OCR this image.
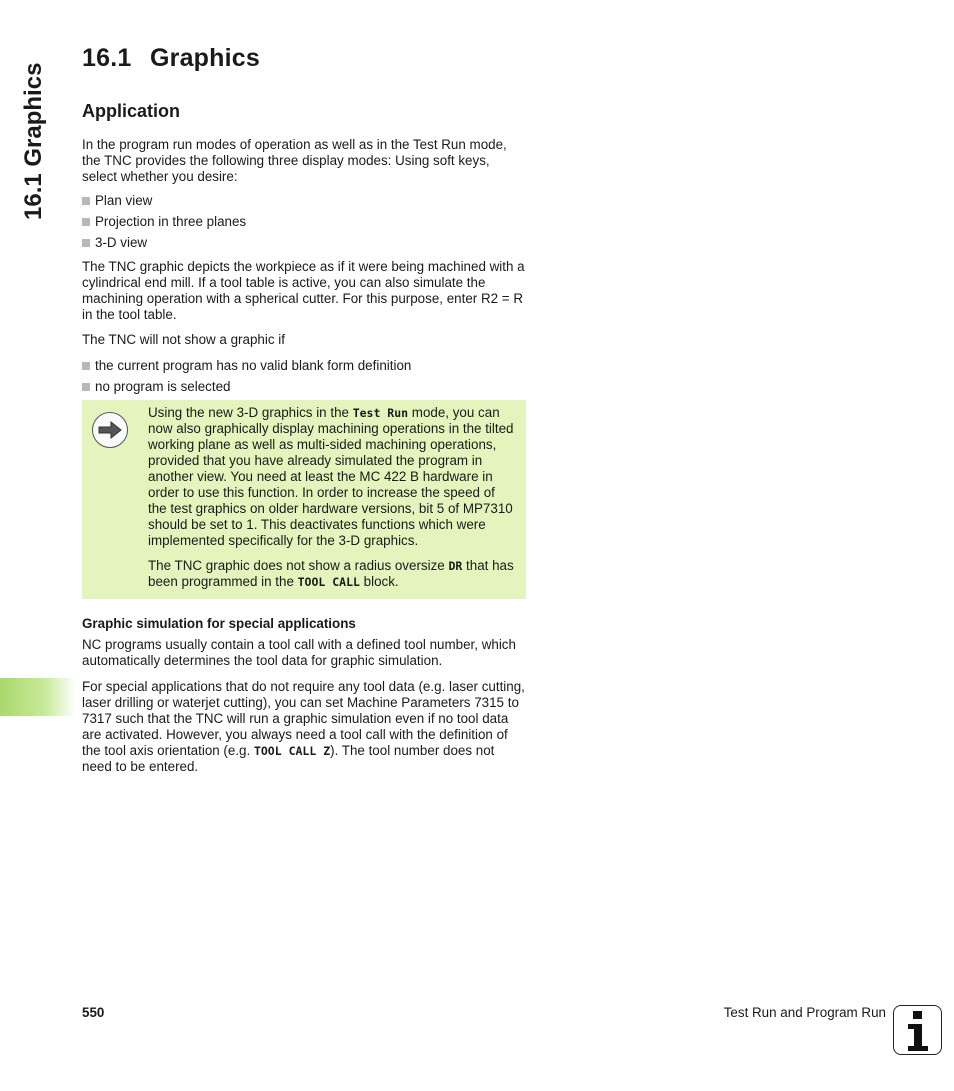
16.1 Graphics
16.1 Graphics
Application

In the program run modes of operation as well as in the Test Run mode, the TNC provides the following three display modes: Using soft keys, select whether you desire:

Plan view
Projection in three planes
3-D view

The TNC graphic depicts the workpiece as if it were being machined with a cylindrical end mill. If a tool table is active, you can also simulate the machining operation with a spherical cutter. For this purpose, enter R2 = R in the tool table.

The TNC will not show a graphic if

the current program has no valid blank form definition
no program is selected

Using the new 3-D graphics in the Test Run mode, you can now also graphically display machining operations in the tilted working plane as well as multi-sided machining operations, provided that you have already simulated the program in another view. You need at least the MC 422 B hardware in order to use this function. In order to increase the speed of the test graphics on older hardware versions, bit 5 of MP7310 should be set to 1. This deactivates functions which were implemented specifically for the 3-D graphics.

The TNC graphic does not show a radius oversize DR that has been programmed in the TOOL CALL block.

Graphic simulation for special applications

NC programs usually contain a tool call with a defined tool number, which automatically determines the tool data for graphic simulation.

For special applications that do not require any tool data (e.g. laser cutting, laser drilling or waterjet cutting), you can set Machine Parameters 7315 to 7317 such that the TNC will run a graphic simulation even if no tool data are activated. However, you always need a tool call with the definition of the tool axis orientation (e.g. TOOL CALL Z). The tool number does not need to be entered.

550	Test Run and Program Run
